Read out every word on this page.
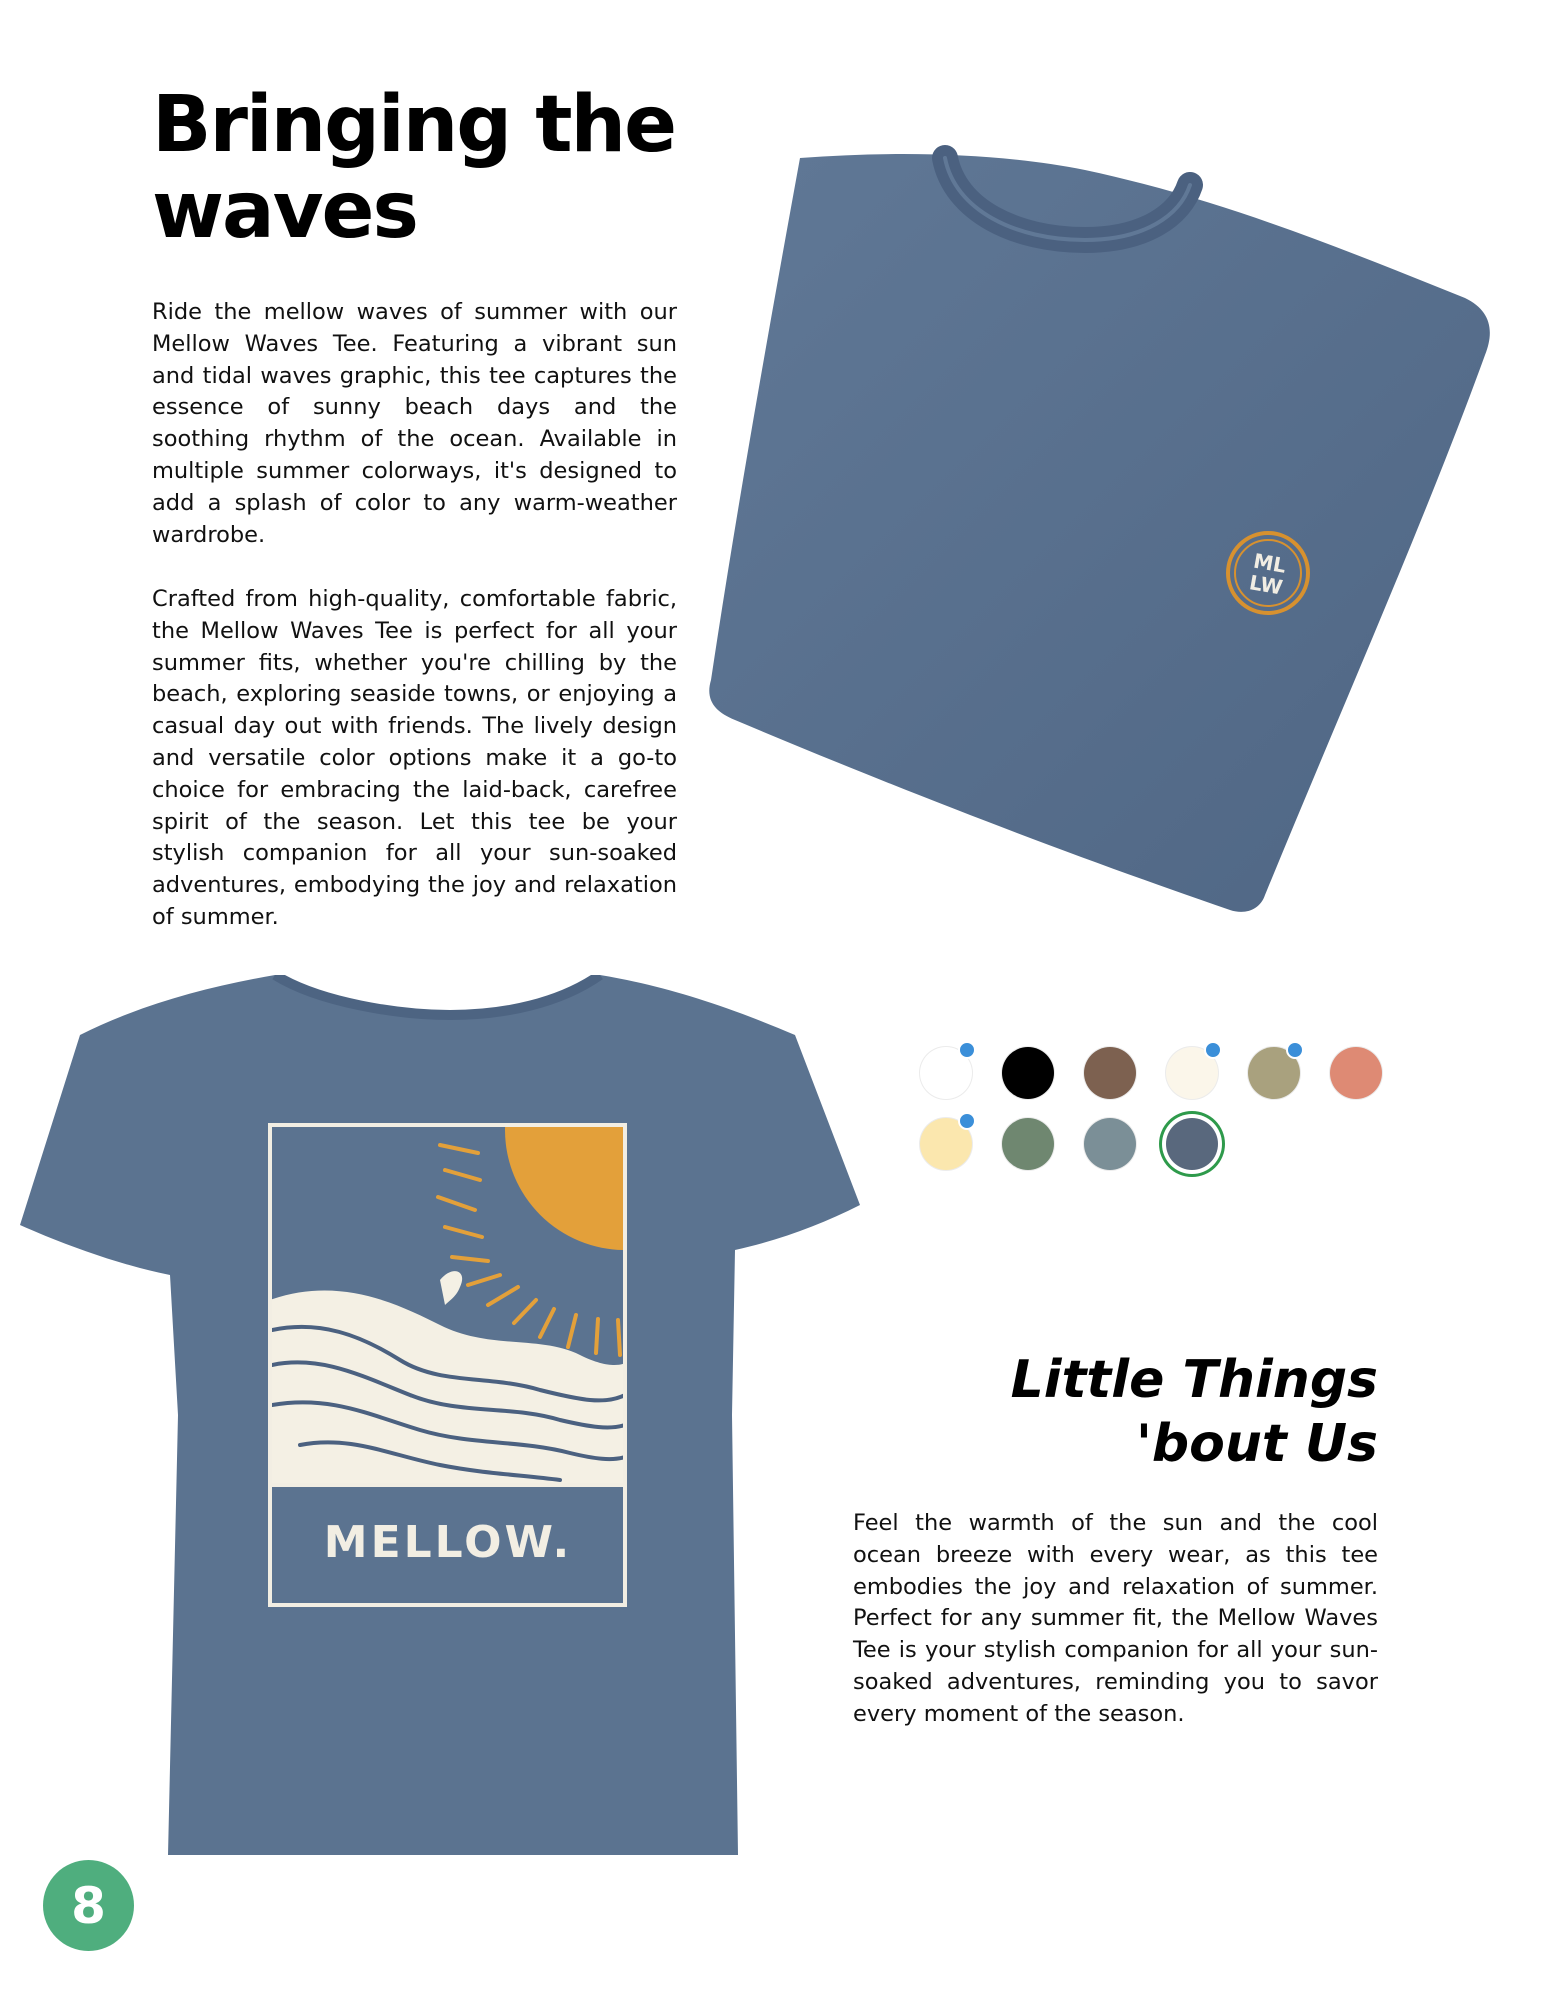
Bringing the
waves

Ride the mellow waves of summer with our Mellow Waves Tee. Featuring a vibrant sun and tidal waves graphic, this tee captures the essence of sunny beach days and the soothing rhythm of the ocean. Available in multiple summer colorways, it's designed to add a splash of color to any warm-weather wardrobe.

Crafted from high-quality, comfortable fabric, the Mellow Waves Tee is perfect for all your summer fits, whether you're chilling by the beach, exploring seaside towns, or enjoying a casual day out with friends. The lively design and versatile color options make it a go-to choice for embracing the laid-back, carefree spirit of the season. Let this tee be your stylish companion for all your sun-soaked adventures, embodying the joy and relaxation of summer.

ML
LW
MELLOW.
Little Things
'bout Us

Feel the warmth of the sun and the cool ocean breeze with every wear, as this tee embodies the joy and relaxation of summer. Perfect for any summer fit, the Mellow Waves Tee is your stylish companion for all your sun-soaked adventures, reminding you to savor every moment of the season.

8
